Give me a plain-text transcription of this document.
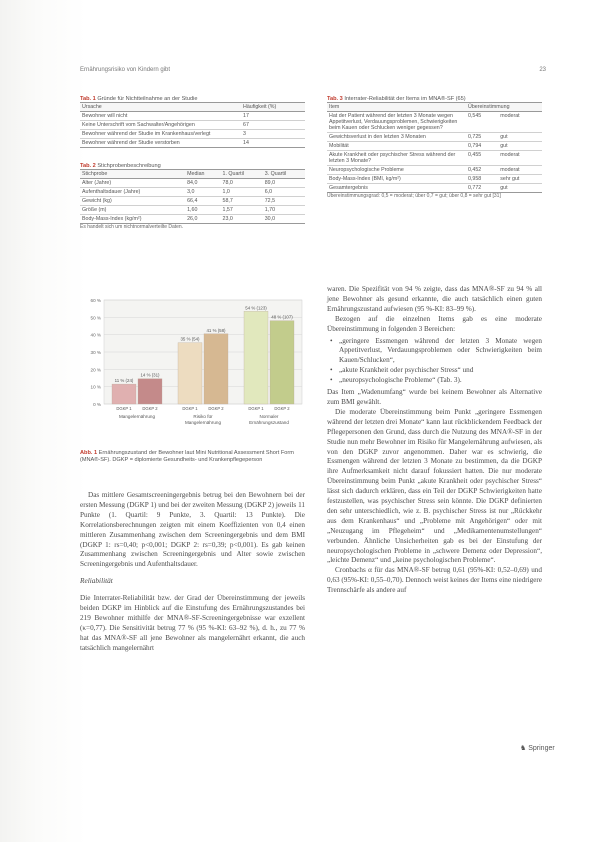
Ernährungsrisiko von Kindern gibt	23
Tab. 1 Gründe für Nichtteilnahme an der Studie
Ursache	Häufigkeit (%)
Bewohner will nicht	17
Keine Unterschrift vom Sachwalter/Angehörigen	67
Bewohner während der Studie im Krankenhaus/verlegt	3
Bewohner während der Studie verstorben	14
Tab. 2 Stichprobenbeschreibung
Stichprobe	Median	1. Quartil	3. Quartil
Alter (Jahre)	84,0	78,0	89,0
Aufenthaltsdauer (Jahre)	3,0	1,0	6,0
Gewicht (kg)	66,4	58,7	72,5
Größe (m)	1,60	1,57	1,70
Body-Mass-Index (kg/m²)	26,0	23,0	30,0
Es handelt sich um nichtnormalverteilte Daten.
0 %
10 %
20 %
30 %
40 %
50 %
60 %
11 % (24)
DGKP 1
14 % (31)
DGKP 2
35 % (54)
DGKP 1
41 % (58)
DGKP 2
54 % (123)
DGKP 1
48 % (107)
DGKP 2
Mangelernährung	Risiko für
Mangelernährung
Normaler
Ernährungszustand
Abb. 1 Ernährungszustand der Bewohner laut Mini Nutritional Assessment Short Form (MNA®-SF). DGKP = diplomierte Gesundheits- und Krankenpflegeperson

Das mittlere Gesamtscreeningergebnis betrug bei den Bewohnern bei der ersten Messung (DGKP 1) und bei der zweiten Messung (DGKP 2) jeweils 11 Punkte (1. Quartil: 9 Punkte, 3. Quartil: 13 Punkte). Die Korrelationsberechnungen zeigten mit einem Koeffizienten von 0,4 einen mittleren Zusammenhang zwischen dem Screeningergebnis und dem BMI (DGKP 1: rs=0,40; p<0,001; DGKP 2: rs=0,39; p<0,001). Es gab keinen Zusammenhang zwischen Screeningergebnis und Alter sowie zwischen Screeningergebnis und Aufenthaltsdauer.

Reliabilität

Die Interrater-Reliabilität bzw. der Grad der Übereinstimmung der jeweils beiden DGKP im Hinblick auf die Einstufung des Ernährungszustandes bei 219 Bewohner mithilfe der MNA®-SF-Screeningergebnisse war exzellent (κ=0,77). Die Sensitivität betrug 77 % (95 %-KI: 63–92 %), d. h., zu 77 % hat das MNA®-SF all jene Bewohner als mangelernährt erkannt, die auch tatsächlich mangelernährt

Tab. 3 Interrater-Reliabilität der Items im MNA®-SF (65)
Item	Übereinstimmung	
Hat der Patient während der letzten 3 Monate wegen Appetitverlust, Verdauungsproblemen, Schwierigkeiten beim Kauen oder Schlucken weniger gegessen?	0,545	moderat
Gewichtsverlust in den letzten 3 Monaten	0,725	gut
Mobilität	0,794	gut
Akute Krankheit oder psychischer Stress während der letzten 3 Monate?	0,455	moderat
Neuropsychologische Probleme	0,452	moderat
Body-Mass-Index (BMI, kg/m²)	0,958	sehr gut
Gesamtergebnis	0,772	gut
Übereinstimmungsgrad: 0,5 = moderat; über 0,7 = gut; über 0,8 = sehr gut [31]

waren. Die Spezifität von 94 % zeigte, dass das MNA®-SF zu 94 % all jene Bewohner als gesund erkannte, die auch tatsächlich einen guten Ernährungszustand aufwiesen (95 %-KI: 83–99 %).

Bezogen auf die einzelnen Items gab es eine moderate Übereinstimmung in folgenden 3 Bereichen:

• „geringere Essmengen während der letzten 3 Monate wegen Appetitverlust, Verdauungsproblemen oder Schwierigkeiten beim Kauen/Schlucken“,
• „akute Krankheit oder psychischer Stress“ und
• „neuropsychologische Probleme“ (Tab. 3).

Das Item „Wadenumfang“ wurde bei keinem Bewohner als Alternative zum BMI gewählt.

Die moderate Übereinstimmung beim Punkt „geringere Essmengen während der letzten drei Monate“ kann laut rückblickendem Feedback der Pflegepersonen den Grund, dass durch die Nutzung des MNA®-SF in der Studie nun mehr Bewohner im Risiko für Mangelernährung aufwiesen, als von den DGKP zuvor angenommen. Daher war es schwierig, die Essmengen während der letzten 3 Monate zu bestimmen, da die DGKP ihre Aufmerksamkeit nicht darauf fokussiert hatten. Die nur moderate Übereinstimmung beim Punkt „akute Krankheit oder psychischer Stress“ lässt sich dadurch erklären, dass ein Teil der DGKP Schwierigkeiten hatte festzustellen, was psychischer Stress sein könnte. Die DGKP definierten den sehr unterschiedlich, wie z. B. psychischer Stress ist nur „Rückkehr aus dem Krankenhaus“ und „Probleme mit Angehörigen“ oder mit „Neuzugang im Pflegeheim“ und „Medikamentenumstellungen“ verbunden. Ähnliche Unsicherheiten gab es bei der Einstufung der neuropsychologischen Probleme in „schwere Demenz oder Depression“, „leichte Demenz“ und „keine psychologischen Probleme“.

Cronbachs α für das MNA®-SF betrug 0,61 (95%-KI: 0,52–0,69) und 0,63 (95%-KI: 0,55–0,70). Dennoch weist keines der Items eine niedrigere Trennschärfe als andere auf

♞ Springer
